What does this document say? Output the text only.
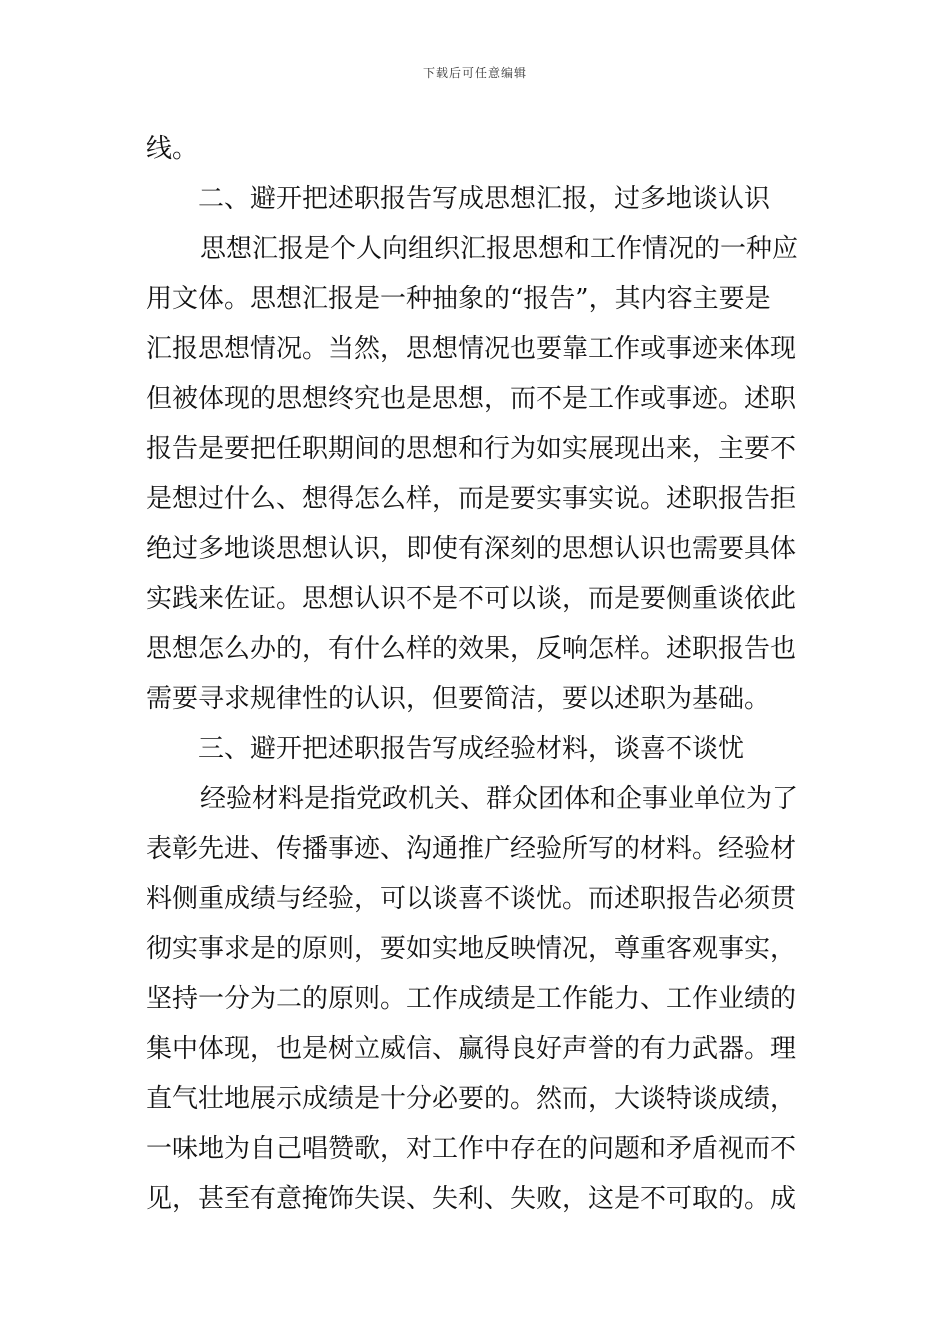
下载后可任意编辑
线。
二、避开把述职报告写成思想汇报，过多地谈认识
思想汇报是个人向组织汇报思想和工作情况的一种应
用文体。思想汇报是一种抽象的“报告”，其内容主要是
汇报思想情况。当然，思想情况也要靠工作或事迹来体现
但被体现的思想终究也是思想，而不是工作或事迹。述职
报告是要把任职期间的思想和行为如实展现出来，主要不
是想过什么、想得怎么样，而是要实事实说。述职报告拒
绝过多地谈思想认识，即使有深刻的思想认识也需要具体
实践来佐证。思想认识不是不可以谈，而是要侧重谈依此
思想怎么办的，有什么样的效果，反响怎样。述职报告也
需要寻求规律性的认识，但要简洁，要以述职为基础。
三、避开把述职报告写成经验材料，谈喜不谈忧
经验材料是指党政机关、群众团体和企事业单位为了
表彰先进、传播事迹、沟通推广经验所写的材料。经验材
料侧重成绩与经验，可以谈喜不谈忧。而述职报告必须贯
彻实事求是的原则，要如实地反映情况，尊重客观事实，
坚持一分为二的原则。工作成绩是工作能力、工作业绩的
集中体现，也是树立威信、赢得良好声誉的有力武器。理
直气壮地展示成绩是十分必要的。然而，大谈特谈成绩，
一味地为自己唱赞歌，对工作中存在的问题和矛盾视而不
见，甚至有意掩饰失误、失利、失败，这是不可取的。成
